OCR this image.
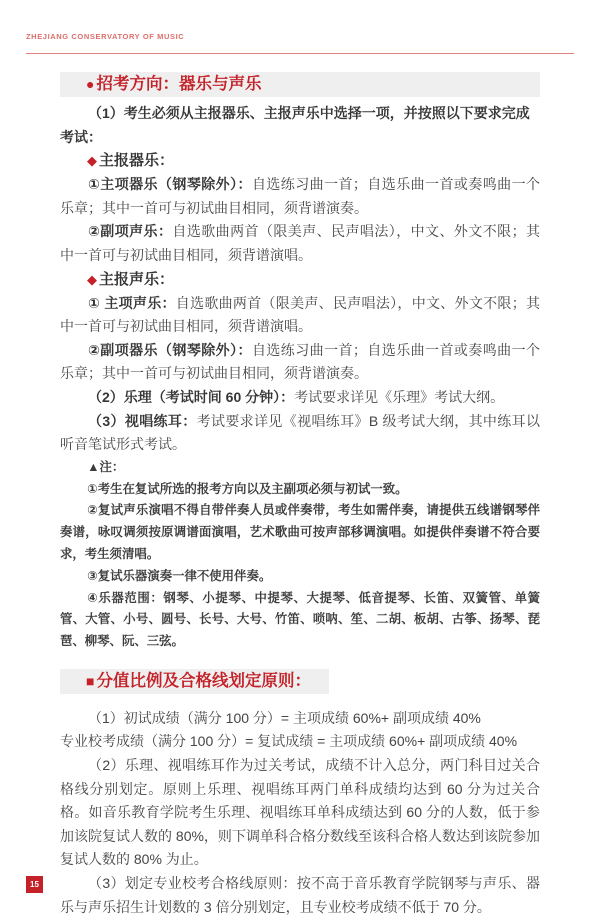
ZHEJIANG CONSERVATORY OF MUSIC
● 招考方向：器乐与声乐

（1）考生必须从主报器乐、主报声乐中选择一项，并按照以下要求完成考试：

◆ 主报器乐：

①主项器乐（钢琴除外）：自选练习曲一首；自选乐曲一首或奏鸣曲一个乐章；其中一首可与初试曲目相同，须背谱演奏。

②副项声乐：自选歌曲两首（限美声、民声唱法），中文、外文不限；其中一首可与初试曲目相同，须背谱演唱。

◆ 主报声乐：

① 主项声乐：自选歌曲两首（限美声、民声唱法），中文、外文不限；其中一首可与初试曲目相同，须背谱演唱。

②副项器乐（钢琴除外）：自选练习曲一首；自选乐曲一首或奏鸣曲一个乐章；其中一首可与初试曲目相同，须背谱演奏。

（2）乐理（考试时间 60 分钟）：考试要求详见《乐理》考试大纲。

（3）视唱练耳：考试要求详见《视唱练耳》B 级考试大纲，其中练耳以听音笔试形式考试。

▲注：

①考生在复试所选的报考方向以及主副项必须与初试一致。

②复试声乐演唱不得自带伴奏人员或伴奏带，考生如需伴奏，请提供五线谱钢琴伴奏谱，咏叹调须按原调谱面演唱，艺术歌曲可按声部移调演唱。如提供伴奏谱不符合要求，考生须清唱。

③复试乐器演奏一律不使用伴奏。

④乐器范围：钢琴、小提琴、中提琴、大提琴、低音提琴、长笛、双簧管、单簧管、大管、小号、圆号、长号、大号、竹笛、唢呐、笙、二胡、板胡、古筝、扬琴、琵琶、柳琴、阮、三弦。

■ 分值比例及合格线划定原则：

（1）初试成绩（满分 100 分）= 主项成绩 60%+ 副项成绩 40%

专业校考成绩（满分 100 分）= 复试成绩 = 主项成绩 60%+ 副项成绩 40%

（2）乐理、视唱练耳作为过关考试，成绩不计入总分，两门科目过关合格线分别划定。原则上乐理、视唱练耳两门单科成绩均达到 60 分为过关合格。如音乐教育学院考生乐理、视唱练耳单科成绩达到 60 分的人数，低于参加该院复试人数的 80%，则下调单科合格分数线至该科合格人数达到该院参加复试人数的 80% 为止。

（3）划定专业校考合格线原则：按不高于音乐教育学院钢琴与声乐、器乐与声乐招生计划数的 3 倍分别划定，且专业校考成绩不低于 70 分。

15
